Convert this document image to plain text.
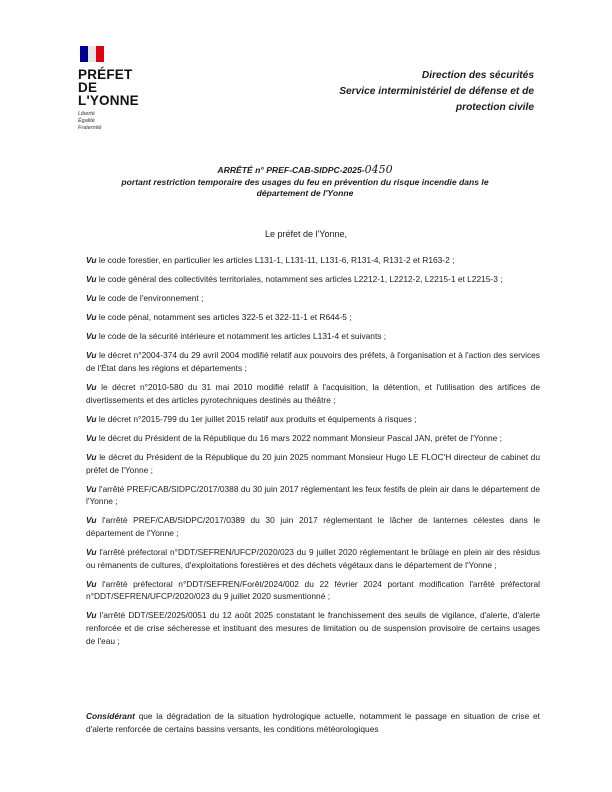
PRÉFET
DE L'YONNE
Liberté
Égalité
Fraternité
Direction des sécurités
Service interministériel de défense et de
protection civile
ARRÊTÉ n° PREF-CAB-SIDPC-2025-0450
portant restriction temporaire des usages du feu en prévention du risque incendie dans le
département de l'Yonne
Le préfet de l'Yonne,
Vu le code forestier, en particulier les articles L131-1, L131-11, L131-6, R131-4, R131-2 et R163-2 ;
Vu le code général des collectivités territoriales, notamment ses articles L2212-1, L2212-2, L2215-1 et L2215-3 ;
Vu le code de l'environnement ;
Vu le code pénal, notamment ses articles 322-5 et 322-11-1 et R644-5 ;
Vu le code de la sécurité intérieure et notamment les articles L131-4 et suivants ;
Vu le décret n°2004-374 du 29 avril 2004 modifié relatif aux pouvoirs des préfets, à l'organisation et à l'action des services de l'État dans les régions et départements ;
Vu le décret n°2010-580 du 31 mai 2010 modifié relatif à l'acquisition, la détention, et l'utilisation des artifices de divertissements et des articles pyrotechniques destinés au théâtre ;
Vu le décret n°2015-799 du 1er juillet 2015 relatif aux produits et équipements à risques ;
Vu le décret du Président de la République du 16 mars 2022 nommant Monsieur Pascal JAN, préfet de l'Yonne ;
Vu le décret du Président de la République du 20 juin 2025 nommant Monsieur Hugo LE FLOC'H directeur de cabinet du préfet de l'Yonne ;
Vu l'arrêté PREF/CAB/SIDPC/2017/0388 du 30 juin 2017 réglementant les feux festifs de plein air dans le département de l'Yonne ;
Vu l'arrêté PREF/CAB/SIDPC/2017/0389 du 30 juin 2017 réglementant le lâcher de lanternes célestes dans le département de l'Yonne ;
Vu l'arrêté préfectoral n°DDT/SEFREN/UFCP/2020/023 du 9 juillet 2020 réglementant le brûlage en plein air des résidus ou rémanents de cultures, d'exploitations forestières et des déchets végétaux dans le département de l'Yonne ;
Vu l'arrêté préfectoral n°DDT/SEFREN/Forêt/2024/002 du 22 février 2024 portant modification l'arrêté préfectoral n°DDT/SEFREN/UFCP/2020/023 du 9 juillet 2020 susmentionné ;
Vu l'arrêté DDT/SEE/2025/0051 du 12 août 2025 constatant le franchissement des seuils de vigilance, d'alerte, d'alerte renforcée et de crise sécheresse et instituant des mesures de limitation ou de suspension provisoire de certains usages de l'eau ;
Considérant que la dégradation de la situation hydrologique actuelle, notamment le passage en situation de crise et d'alerte renforcée de certains bassins versants, les conditions météorologiques
